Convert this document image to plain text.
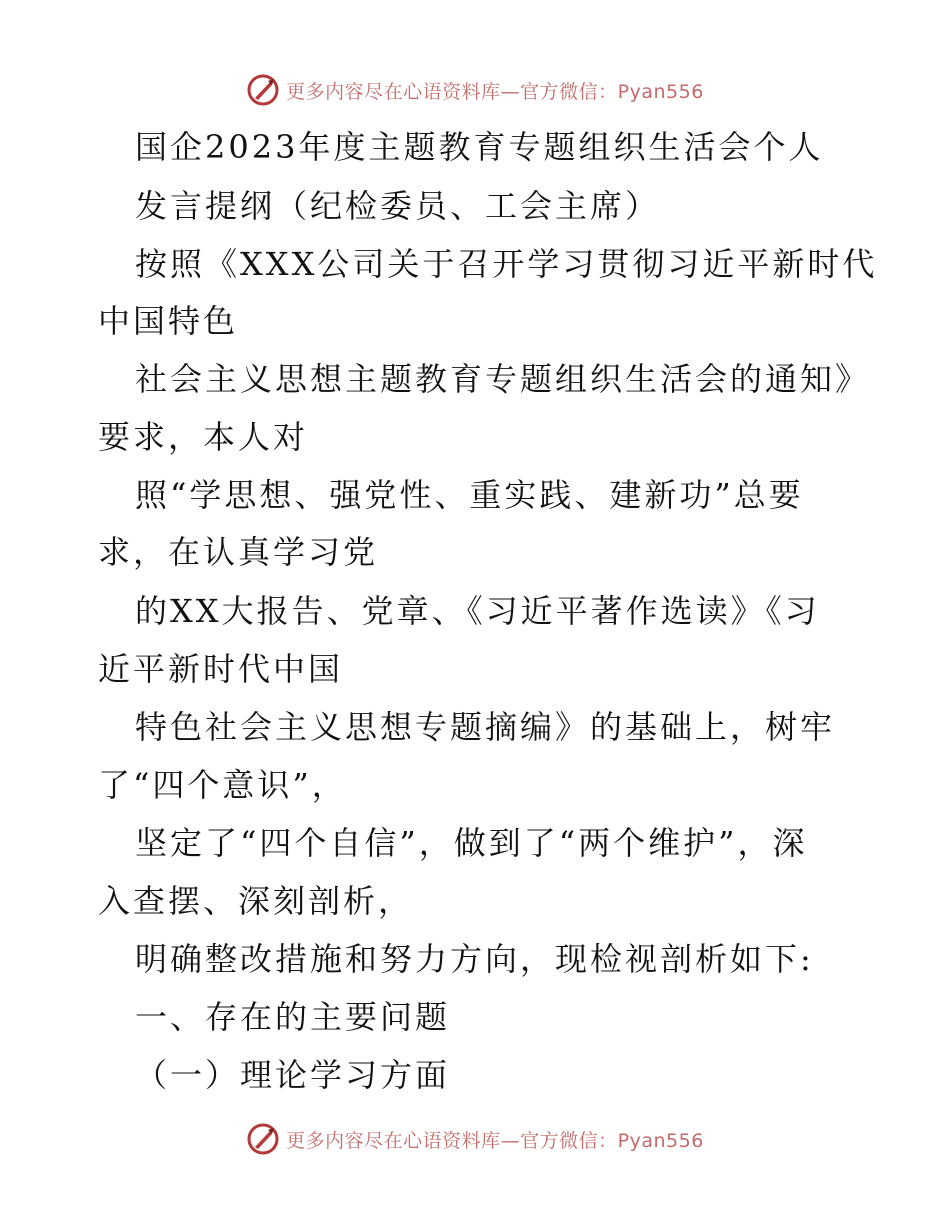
更多内容尽在心语资料库—官方微信：Pyan556
国企2023年度主题教育专题组织生活会个人
发言提纲（纪检委员、工会主席）
按照《XXX公司关于召开学习贯彻习近平新时代
中国特色
社会主义思想主题教育专题组织生活会的通知》
要求，本人对
照“学思想、强党性、重实践、建新功”总要
求，在认真学习党
的XX大报告、党章、《习近平著作选读》《习
近平新时代中国
特色社会主义思想专题摘编》的基础上，树牢
了“四个意识”，
坚定了“四个自信”，做到了“两个维护”，深
入查摆、深刻剖析，
明确整改措施和努力方向，现检视剖析如下:
一、存在的主要问题
（一）理论学习方面
更多内容尽在心语资料库—官方微信：Pyan556
